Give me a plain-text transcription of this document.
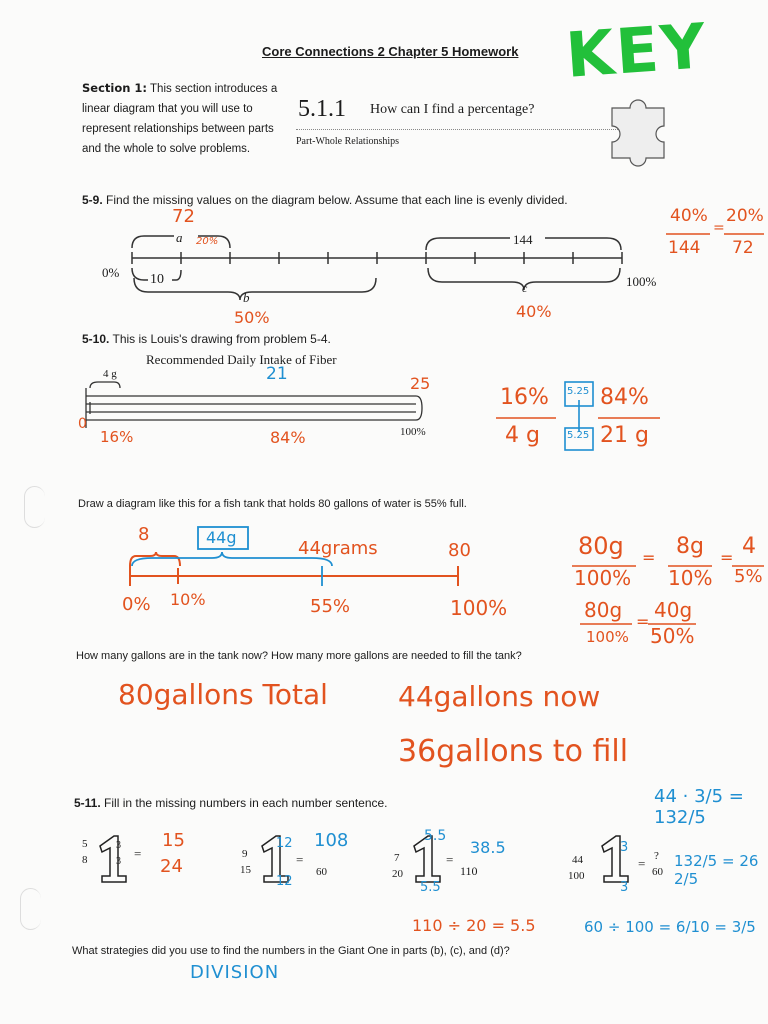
Core Connections 2 Chapter 5 Homework KEY
Section 1: This section introduces a linear diagram that you will use to represent relationships between parts and the whole to solve problems.
5.1.1 How can I find a percentage?
Part-Whole Relationships
5-9. Find the missing values on the diagram below. Assume that each line is evenly divided.
72
a 20%
0% 10
b
50%
144
c
40%
100%
40%
144
=
20%
72
5-10. This is Louis's drawing from problem 5-4.
Recommended Daily Intake of Fiber
4 g
0
16%
21	25
84%	100%
16%
4 g
84%
21 g
5.25
5.25
Draw a diagram like this for a fish tank that holds 80 gallons of water is 55% full.
8	44g
44grams	80
0% 10%	55%	100%
80g
100%
= 8g
10%
= 4
5%
80g
100%
= 40g
50%
How many gallons are in the tank now? How many more gallons are needed to fill the tank?
80gallons Total	44gallons now
36gallons to fill
5-11. Fill in the missing numbers in each number sentence.	44 · 3/5 = 132/5
5
8
3
3
=
15
24
9
15
12
12
=
108
60
7
20
5.5
5.5
=
38.5
110
44
100
3
3
= ?
60
132/5 = 26 2/5
110 ÷ 20 = 5.5	60 ÷ 100 = 6/10 = 3/5
What strategies did you use to find the numbers in the Giant One in parts (b), (c), and (d)?
DIVISION
